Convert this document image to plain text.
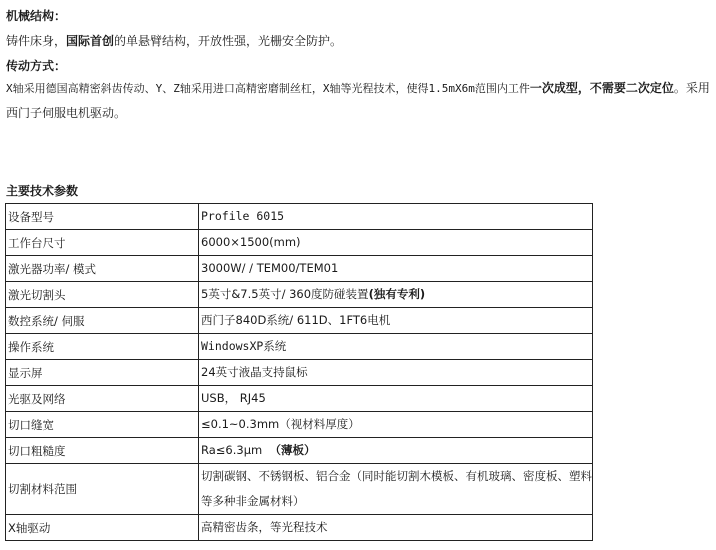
机械结构：
铸件床身，国际首创的单悬臂结构，开放性强，光栅安全防护。
传动方式：
X轴采用德国高精密斜齿传动、Y、Z轴采用进口高精密磨制丝杠，X轴等光程技术，使得1.5mX6m范围内工件一次成型，不需要二次定位。采用西门子伺服电机驱动。
主要技术参数
设备型号	Profile 6015
工作台尺寸	6000×1500(mm)
激光器功率/ 模式	3000W/ / TEM00/TEM01
激光切割头	5英寸&7.5英寸/ 360度防碰装置(独有专利)
数控系统/ 伺服	西门子840D系统/ 611D、1FT6电机
操作系统	WindowsXP系统
显示屏	24英寸液晶支持鼠标
光驱及网络	USB， RJ45
切口缝宽	≤0.1~0.3mm（视材料厚度）
切口粗糙度	Ra≤6.3μm （薄板）
切割材料范围	切割碳钢、不锈钢板、铝合金（同时能切割木模板、有机玻璃、密度板、塑料等多种非金属材料）
X轴驱动	高精密齿条，等光程技术
